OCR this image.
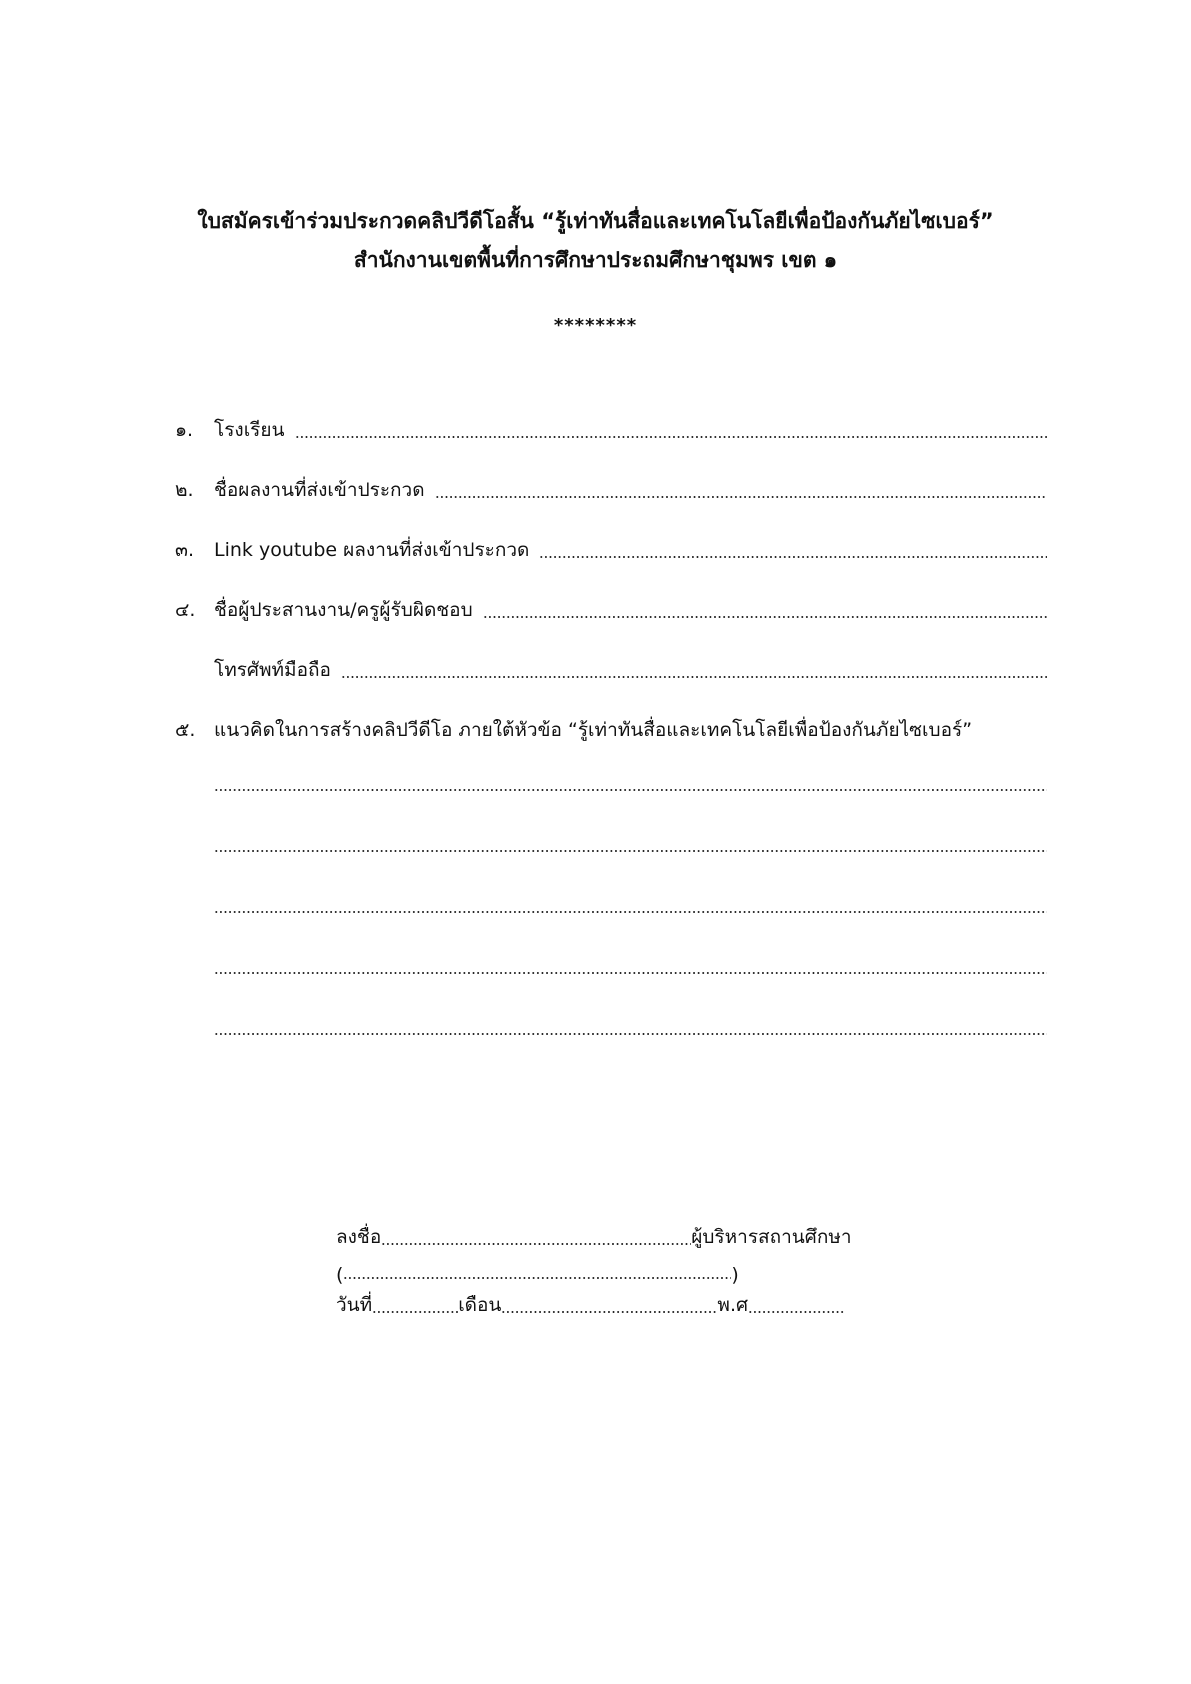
ใบสมัครเข้าร่วมประกวดคลิปวีดีโอสั้น “รู้เท่าทันสื่อและเทคโนโลยีเพื่อป้องกันภัยไซเบอร์”
สำนักงานเขตพื้นที่การศึกษาประถมศึกษาชุมพร เขต ๑
********
๑.	โรงเรียน
๒.	ชื่อผลงานที่ส่งเข้าประกวด
๓.	Link youtube ผลงานที่ส่งเข้าประกวด
๔. ชื่อผู้ประสานงาน/ครูผู้รับผิดชอบ
โทรศัพท์มือถือ
๕. แนวคิดในการสร้างคลิปวีดีโอ ภายใต้หัวข้อ “รู้เท่าทันสื่อและเทคโนโลยีเพื่อป้องกันภัยไซเบอร์”
ลงชื่อ	ผู้บริหารสถานศึกษา
(	)
วันที่	เดือน	พ.ศ
